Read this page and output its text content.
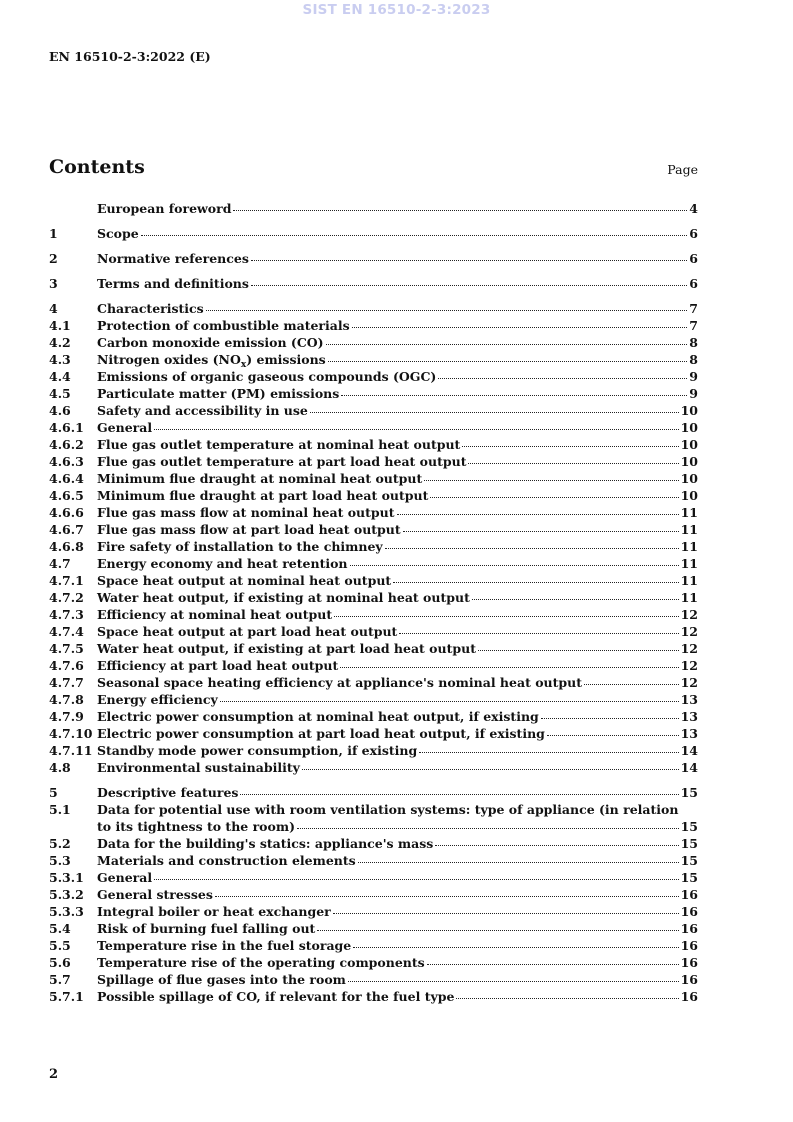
SIST EN 16510-2-3:2023
EN 16510-2-3:2022 (E)
Contents	Page
European foreword	4
1	Scope	6
2	Normative references	6
3	Terms and definitions	6
4	Characteristics	7
4.1	Protection of combustible materials	7
4.2	Carbon monoxide emission (CO)	8
4.3	Nitrogen oxides $(NO_x)$ emissions	8
4.4	Emissions of organic gaseous compounds (OGC)	9
4.5	Particulate matter (PM) emissions	9
4.6	Safety and accessibility in use	10
4.6.1	General	10
4.6.2	Flue gas outlet temperature at nominal heat output	10
4.6.3	Flue gas outlet temperature at part load heat output	10
4.6.4	Minimum flue draught at nominal heat output	10
4.6.5	Minimum flue draught at part load heat output	10
4.6.6	Flue gas mass flow at nominal heat output	11
4.6.7	Flue gas mass flow at part load heat output	11
4.6.8	Fire safety of installation to the chimney	11
4.7	Energy economy and heat retention	11
4.7.1	Space heat output at nominal heat output	11
4.7.2	Water heat output, if existing at nominal heat output	11
4.7.3	Efficiency at nominal heat output	12
4.7.4	Space heat output at part load heat output	12
4.7.5	Water heat output, if existing at part load heat output	12
4.7.6	Efficiency at part load heat output	12
4.7.7	Seasonal space heating efficiency at appliance's nominal heat output	12
4.7.8	Energy efficiency	13
4.7.9	Electric power consumption at nominal heat output, if existing	13
4.7.10 Electric power consumption at part load heat output, if existing	13
4.7.11 Standby mode power consumption, if existing	14
4.8	Environmental sustainability	14
5	Descriptive features	15
5.1	Data for potential use with room ventilation systems: type of appliance (in relation
to its tightness to the room)	15
5.2	Data for the building's statics: appliance's mass	15
5.3	Materials and construction elements	15
5.3.1	General	15
5.3.2	General stresses	16
5.3.3	Integral boiler or heat exchanger	16
5.4	Risk of burning fuel falling out	16
5.5	Temperature rise in the fuel storage	16
5.6	Temperature rise of the operating components	16
5.7	Spillage of flue gases into the room	16
5.7.1	Possible spillage of CO, if relevant for the fuel type	16
2
